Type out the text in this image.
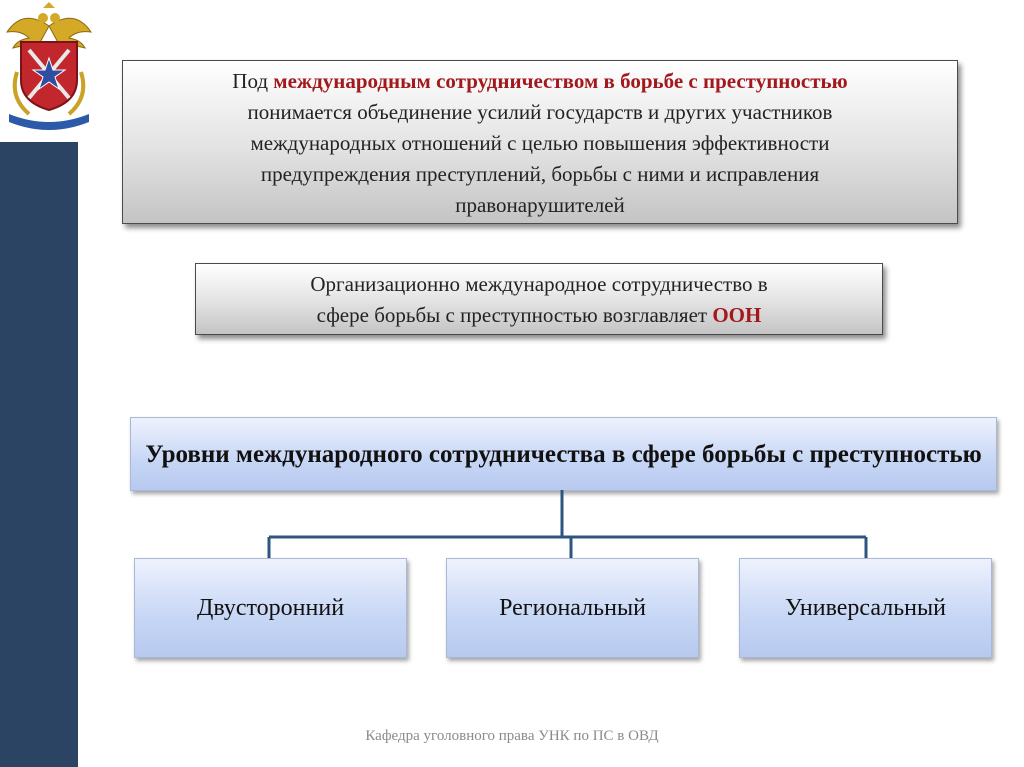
Под международным сотрудничеством в борьбе с преступностью
понимается объединение усилий государств и других участников
международных отношений с целью повышения эффективности
предупреждения преступлений, борьбы с ними и исправления
правонарушителей
Организационно международное сотрудничество в
сфере борьбы с преступностью возглавляет ООН
Уровни международного сотрудничества в сфере борьбы с преступностью
Двусторонний	Региональный	Универсальный
Кафедра уголовного права УНК по ПС в ОВД
